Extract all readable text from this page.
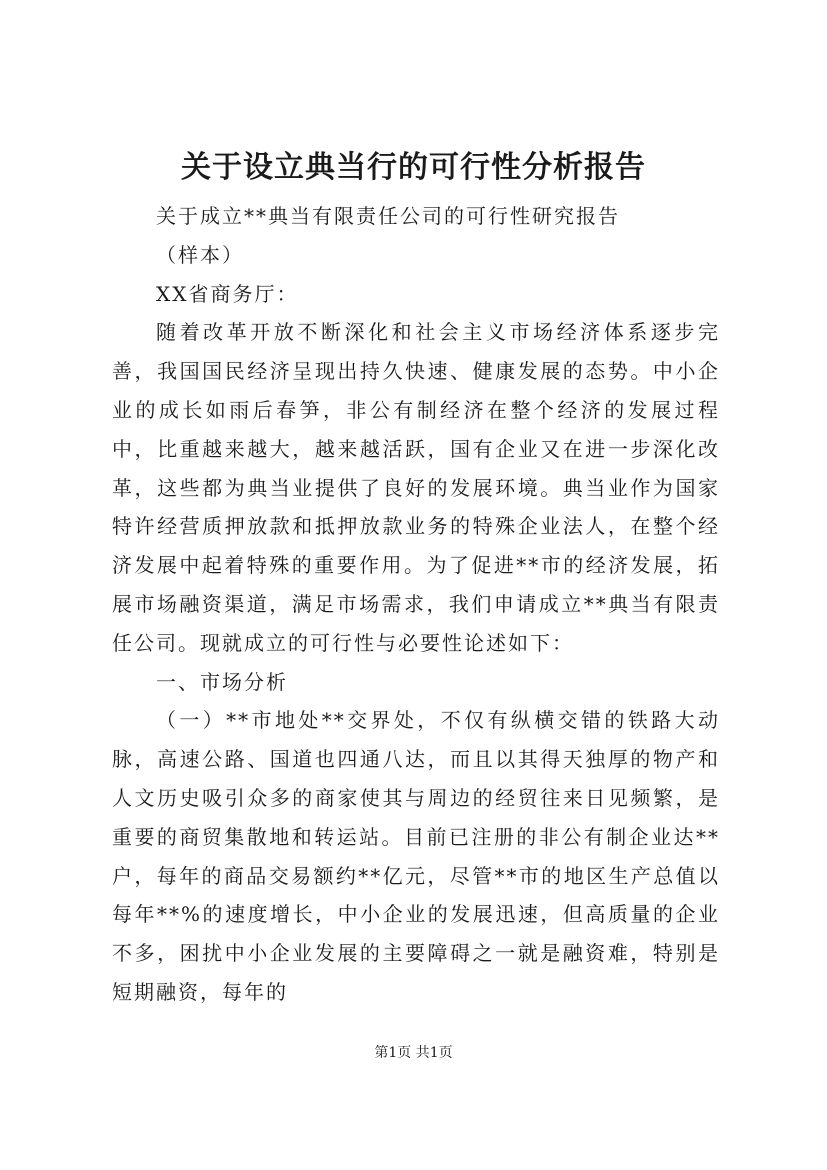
关于设立典当行的可行性分析报告

关于成立**典当有限责任公司的可行性研究报告

（样本）

XX省商务厅：

随着改革开放不断深化和社会主义市场经济体系逐步完善，我国国民经济呈现出持久快速、健康发展的态势。中小企业的成长如雨后春笋，非公有制经济在整个经济的发展过程中，比重越来越大，越来越活跃，国有企业又在进一步深化改革，这些都为典当业提供了良好的发展环境。典当业作为国家特许经营质押放款和抵押放款业务的特殊企业法人，在整个经济发展中起着特殊的重要作用。为了促进**市的经济发展，拓展市场融资渠道，满足市场需求，我们申请成立**典当有限责任公司。现就成立的可行性与必要性论述如下：

一、市场分析

（一）**市地处**交界处，不仅有纵横交错的铁路大动脉，高速公路、国道也四通八达，而且以其得天独厚的物产和人文历史吸引众多的商家使其与周边的经贸往来日见频繁，是重要的商贸集散地和转运站。目前已注册的非公有制企业达**户，每年的商品交易额约**亿元，尽管**市的地区生产总值以每年**%的速度增长，中小企业的发展迅速，但高质量的企业不多，困扰中小企业发展的主要障碍之一就是融资难，特别是短期融资，每年的

第1页 共1页
